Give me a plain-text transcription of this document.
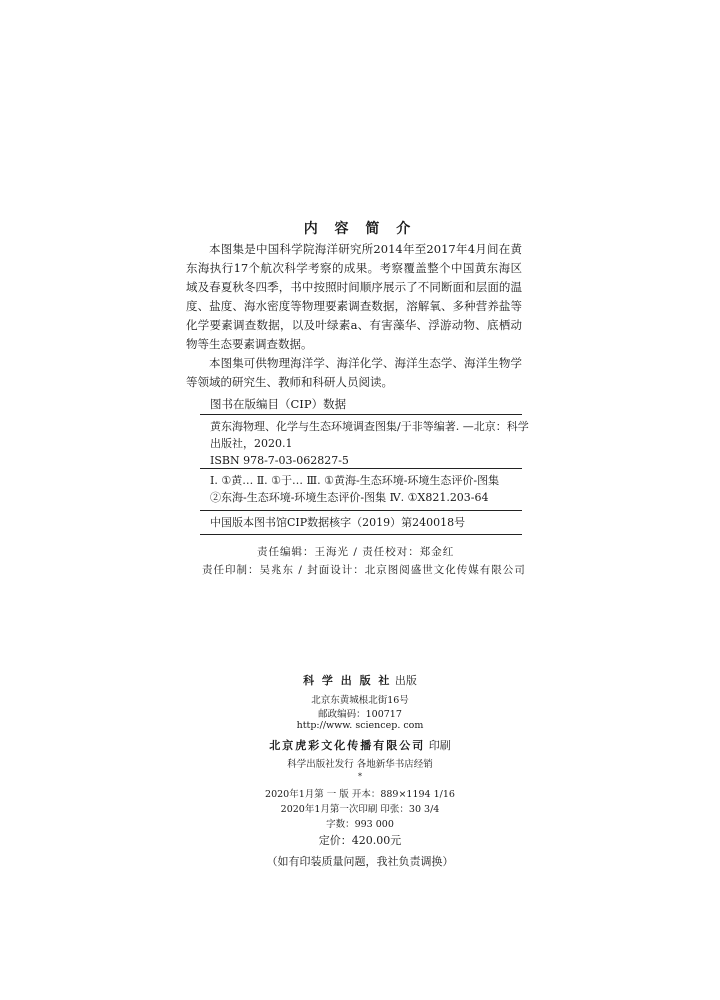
内 容 简 介

本图集是中国科学院海洋研究所2014年至2017年4月间在黄东海执行17个航次科学考察的成果。考察覆盖整个中国黄东海区域及春夏秋冬四季，书中按照时间顺序展示了不同断面和层面的温度、盐度、海水密度等物理要素调查数据，溶解氧、多种营养盐等化学要素调查数据，以及叶绿素a、有害藻华、浮游动物、底栖动物等生态要素调查数据。

本图集可供物理海洋学、海洋化学、海洋生态学、海洋生物学等领域的研究生、教师和科研人员阅读。

图书在版编目（CIP）数据
黄东海物理、化学与生态环境调查图集/于非等编著. —北京：科学
出版社，2020.1
ISBN 978-7-03-062827-5
Ⅰ. ①黄… Ⅱ. ①于… Ⅲ. ①黄海-生态环境-环境生态评价-图集
②东海-生态环境-环境生态评价-图集 Ⅳ. ①X821.203-64
中国版本图书馆CIP数据核字（2019）第240018号
责任编辑：王海光 / 责任校对：郑金红
责任印制：吴兆东 / 封面设计：北京图阅盛世文化传媒有限公司
科 学 出 版 社 出版
北京东黄城根北街16号
邮政编码：100717
http://www. sciencep. com
北京虎彩文化传播有限公司 印刷
科学出版社发行 各地新华书店经销
*
2020年1月第 一 版 开本：889×1194 1/16
2020年1月第一次印刷 印张：30 3/4
字数：993 000
定价：420.00元
（如有印装质量问题，我社负责调换）
